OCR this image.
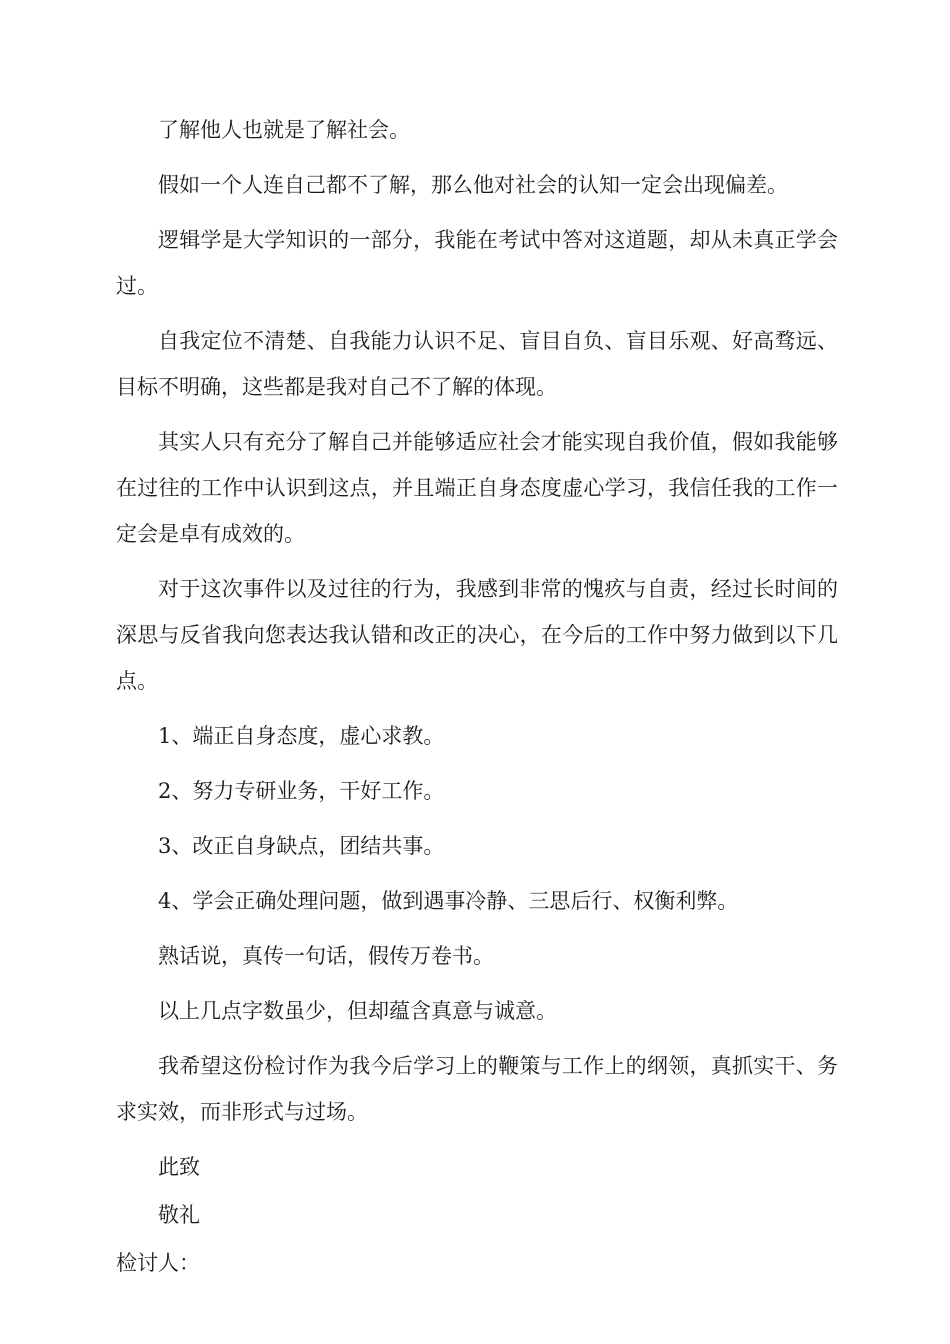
了解他人也就是了解社会。

假如一个人连自己都不了解，那么他对社会的认知一定会出现偏差。

逻辑学是大学知识的一部分，我能在考试中答对这道题，却从未真正学会过。

自我定位不清楚、自我能力认识不足、盲目自负、盲目乐观、好高骛远、目标不明确，这些都是我对自己不了解的体现。

其实人只有充分了解自己并能够适应社会才能实现自我价值，假如我能够在过往的工作中认识到这点，并且端正自身态度虚心学习，我信任我的工作一定会是卓有成效的。

对于这次事件以及过往的行为，我感到非常的愧疚与自责，经过长时间的深思与反省我向您表达我认错和改正的决心，在今后的工作中努力做到以下几点。

1、端正自身态度，虚心求教。

2、努力专研业务，干好工作。

3、改正自身缺点，团结共事。

4、学会正确处理问题，做到遇事冷静、三思后行、权衡利弊。

熟话说，真传一句话，假传万卷书。

以上几点字数虽少，但却蕴含真意与诚意。

我希望这份检讨作为我今后学习上的鞭策与工作上的纲领，真抓实干、务求实效，而非形式与过场。

此致

敬礼

检讨人：
